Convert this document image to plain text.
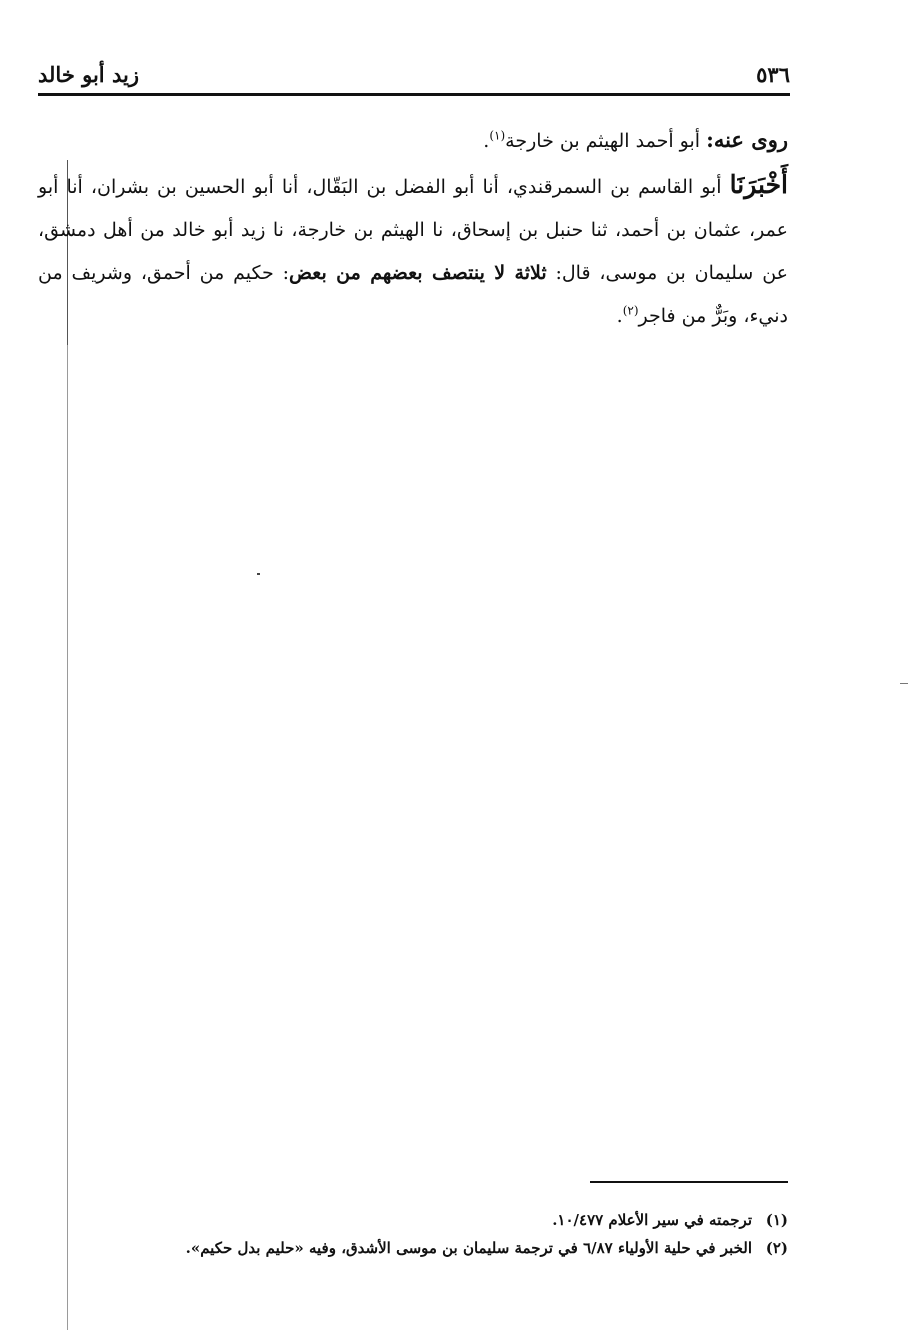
٥٣٦
زيد أبو خالد

روى عنه: أبو أحمد الهيثم بن خارجة$^{(١)}$.

أَخْبَرَنَا أبو القاسم بن السمرقندي، أنا أبو الفضل بن البَقّال، أنا أبو الحسين بن بشران، أنا أبو عمر، عثمان بن أحمد، ثنا حنبل بن إسحاق، نا الهيثم بن خارجة، نا زيد أبو خالد من أهل دمشق، عن سليمان بن موسى، قال: ثلاثة لا ينتصف بعضهم من بعض: حكيم من أحمق، وشريف من دنيء، وبَرٌّ من فاجر$^{(٢)}$.

(١)ترجمته في سير الأعلام ١٠/٤٧٧.

(٢)الخبر في حلية الأولياء ٦/٨٧ في ترجمة سليمان بن موسى الأشدق، وفيه «حليم بدل حكيم».
